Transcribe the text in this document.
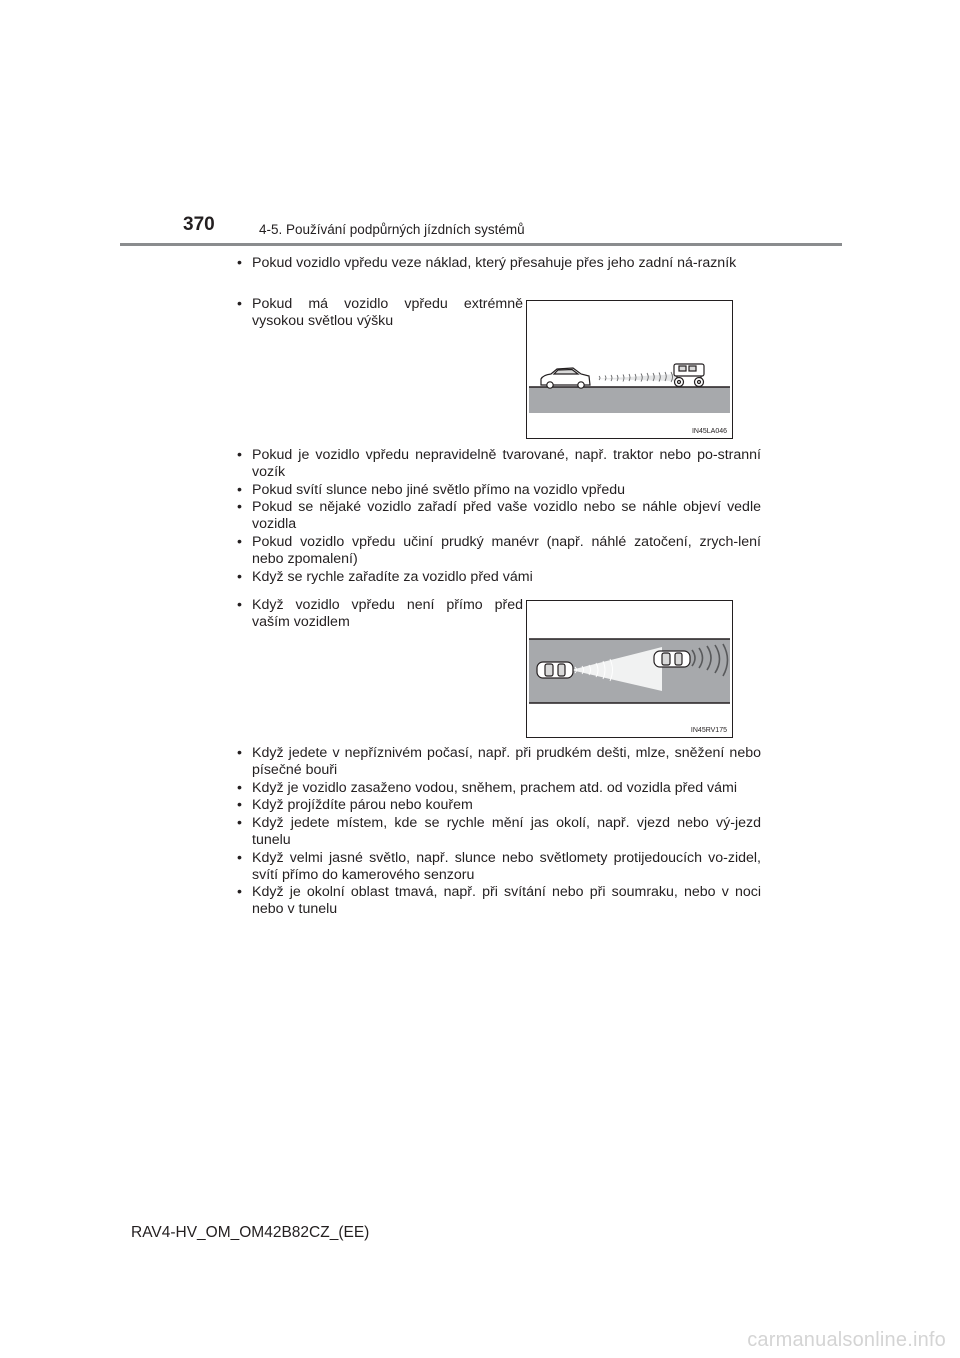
370	4-5. Používání podpůrných jízdních systémů
• Pokud vozidlo vpředu veze náklad, který přesahuje přes jeho zadní ná-razník
• Pokud má vozidlo vpředu extrémně vysokou světlou výšku
IN45LA046
• Pokud je vozidlo vpředu nepravidelně tvarované, např. traktor nebo po-stranní vozík
• Pokud svítí slunce nebo jiné světlo přímo na vozidlo vpředu
• Pokud se nějaké vozidlo zařadí před vaše vozidlo nebo se náhle objeví vedle vozidla
• Pokud vozidlo vpředu učiní prudký manévr (např. náhlé zatočení, zrych-lení nebo zpomalení)
• Když se rychle zařadíte za vozidlo před vámi
• Když vozidlo vpředu není přímo před vaším vozidlem
IN45RV175
• Když jedete v nepříznivém počasí, např. při prudkém dešti, mlze, sněžení nebo písečné bouři
• Když je vozidlo zasaženo vodou, sněhem, prachem atd. od vozidla před vámi
• Když projíždíte párou nebo kouřem
• Když jedete místem, kde se rychle mění jas okolí, např. vjezd nebo vý-jezd tunelu
• Když velmi jasné světlo, např. slunce nebo světlomety protijedoucích vo-zidel, svítí přímo do kamerového senzoru
• Když je okolní oblast tmavá, např. při svítání nebo při soumraku, nebo v noci nebo v tunelu
RAV4-HV_OM_OM42B82CZ_(EE)
carmanualsonline.info
